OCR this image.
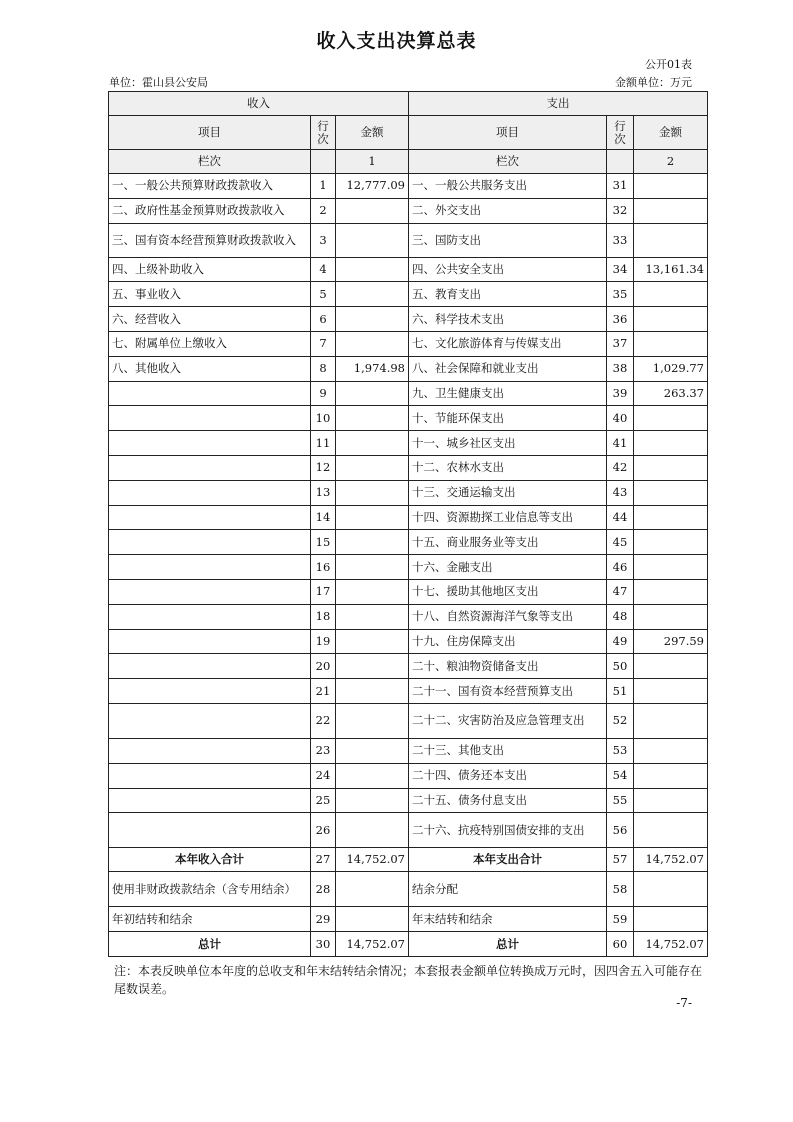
收入支出决算总表
公开01表
单位：霍山县公安局	金额单位：万元
收入			支出		
项目	行次	金额	项目	行次	金额
栏次		1	栏次		2
一、一般公共预算财政拨款收入	1	12,777.09	一、一般公共服务支出	31	
二、政府性基金预算财政拨款收入	2		二、外交支出	32	
三、国有资本经营预算财政拨款收入	3		三、国防支出	33	
四、上级补助收入	4		四、公共安全支出	34	13,161.34
五、事业收入	5		五、教育支出	35	
六、经营收入	6		六、科学技术支出	36	
七、附属单位上缴收入	7		七、文化旅游体育与传媒支出	37	
八、其他收入	8	1,974.98	八、社会保障和就业支出	38	1,029.77
	9		九、卫生健康支出	39	263.37
	10		十、节能环保支出	40	
	11		十一、城乡社区支出	41	
	12		十二、农林水支出	42	
	13		十三、交通运输支出	43	
	14		十四、资源勘探工业信息等支出	44	
	15		十五、商业服务业等支出	45	
	16		十六、金融支出	46	
	17		十七、援助其他地区支出	47	
	18		十八、自然资源海洋气象等支出	48	
	19		十九、住房保障支出	49	297.59
	20		二十、粮油物资储备支出	50	
	21		二十一、国有资本经营预算支出	51	
	22		二十二、灾害防治及应急管理支出	52	
	23		二十三、其他支出	53	
	24		二十四、债务还本支出	54	
	25		二十五、债务付息支出	55	
	26		二十六、抗疫特别国债安排的支出	56	
本年收入合计	27	14,752.07	本年支出合计	57	14,752.07
使用非财政拨款结余（含专用结余）	28		结余分配	58	
年初结转和结余	29		年末结转和结余	59	
总计	30	14,752.07	总计	60	14,752.07
注：本表反映单位本年度的总收支和年末结转结余情况；本套报表金额单位转换成万元时，因四舍五入可能存在尾数误差。
-7-
